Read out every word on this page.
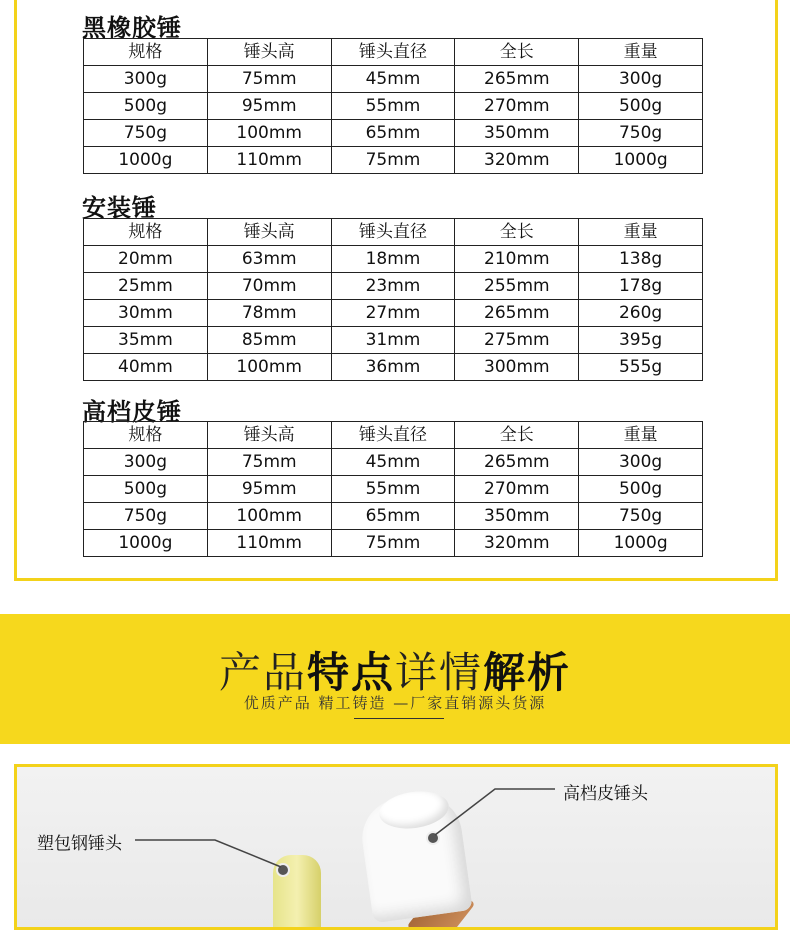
黑橡胶锤
规格	锤头高	锤头直径	全长	重量
300g	75mm	45mm	265mm	300g
500g	95mm	55mm	270mm	500g
750g	100mm	65mm	350mm	750g
1000g	110mm	75mm	320mm	1000g
安装锤
规格	锤头高	锤头直径	全长	重量
20mm	63mm	18mm	210mm	138g
25mm	70mm	23mm	255mm	178g
30mm	78mm	27mm	265mm	260g
35mm	85mm	31mm	275mm	395g
40mm	100mm	36mm	300mm	555g
高档皮锤
规格	锤头高	锤头直径	全长	重量
300g	75mm	45mm	265mm	300g
500g	95mm	55mm	270mm	500g
750g	100mm	65mm	350mm	750g
1000g	110mm	75mm	320mm	1000g
产品特点详情解析
优质产品 精工铸造 —厂家直销源头货源
高档皮锤头
塑包钢锤头
